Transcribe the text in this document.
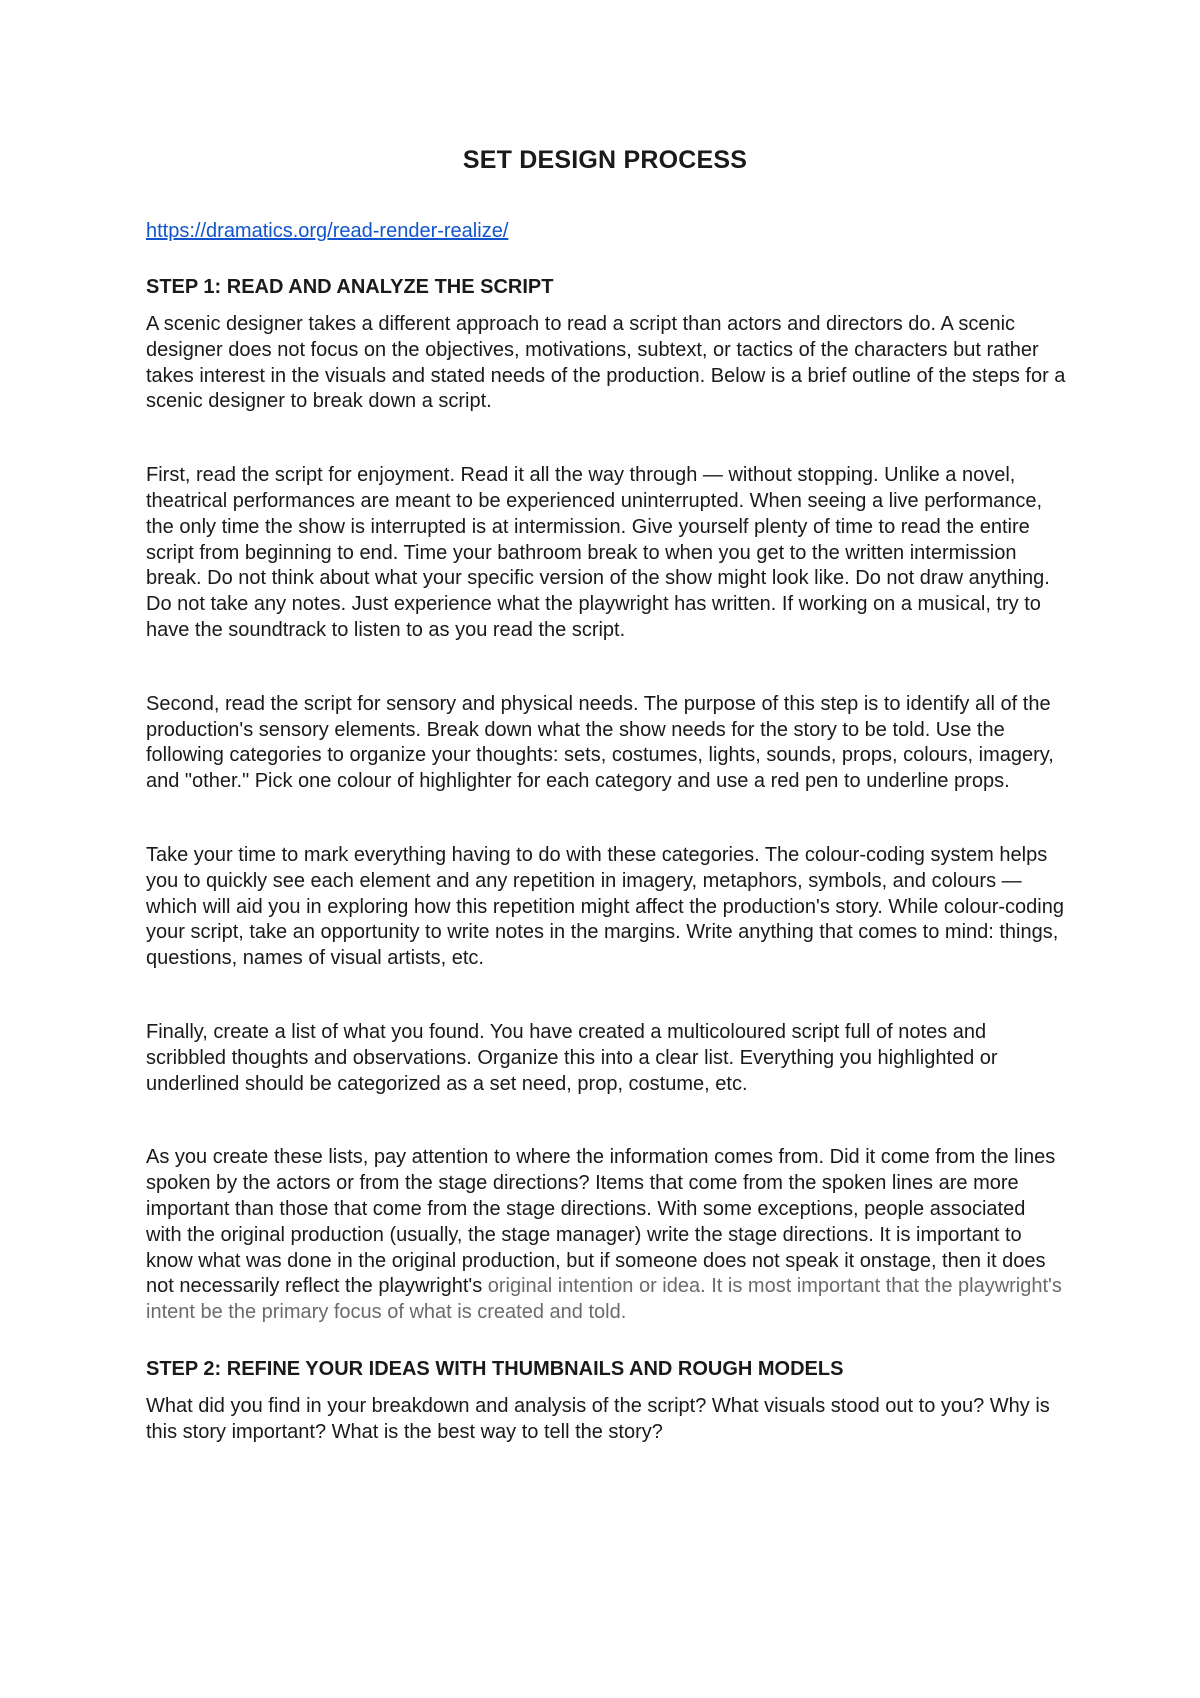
SET DESIGN PROCESS
https://dramatics.org/read-render-realize/
STEP 1: READ AND ANALYZE THE SCRIPT

A scenic designer takes a different approach to read a script than actors and directors do. A scenic designer does not focus on the objectives, motivations, subtext, or tactics of the characters but rather takes interest in the visuals and stated needs of the production. Below is a brief outline of the steps for a scenic designer to break down a script.

First, read the script for enjoyment. Read it all the way through — without stopping. Unlike a novel, theatrical performances are meant to be experienced uninterrupted. When seeing a live performance, the only time the show is interrupted is at intermission. Give yourself plenty of time to read the entire script from beginning to end. Time your bathroom break to when you get to the written intermission break. Do not think about what your specific version of the show might look like. Do not draw anything. Do not take any notes. Just experience what the playwright has written. If working on a musical, try to have the soundtrack to listen to as you read the script.

Second, read the script for sensory and physical needs. The purpose of this step is to identify all of the production's sensory elements. Break down what the show needs for the story to be told. Use the following categories to organize your thoughts: sets, costumes, lights, sounds, props, colours, imagery, and "other." Pick one colour of highlighter for each category and use a red pen to underline props.

Take your time to mark everything having to do with these categories. The colour-coding system helps you to quickly see each element and any repetition in imagery, metaphors, symbols, and colours — which will aid you in exploring how this repetition might affect the production's story. While colour-coding your script, take an opportunity to write notes in the margins. Write anything that comes to mind: things, questions, names of visual artists, etc.

Finally, create a list of what you found. You have created a multicoloured script full of notes and scribbled thoughts and observations. Organize this into a clear list. Everything you highlighted or underlined should be categorized as a set need, prop, costume, etc.

As you create these lists, pay attention to where the information comes from. Did it come from the lines spoken by the actors or from the stage directions? Items that come from the spoken lines are more important than those that come from the stage directions. With some exceptions, people associated with the original production (usually, the stage manager) write the stage directions. It is important to know what was done in the original production, but if someone does not speak it onstage, then it does not necessarily reflect the playwright's original intention or idea. It is most important that the playwright's intent be the primary focus of what is created and told.

STEP 2: REFINE YOUR IDEAS WITH THUMBNAILS AND ROUGH MODELS

What did you find in your breakdown and analysis of the script? What visuals stood out to you? Why is this story important? What is the best way to tell the story?
